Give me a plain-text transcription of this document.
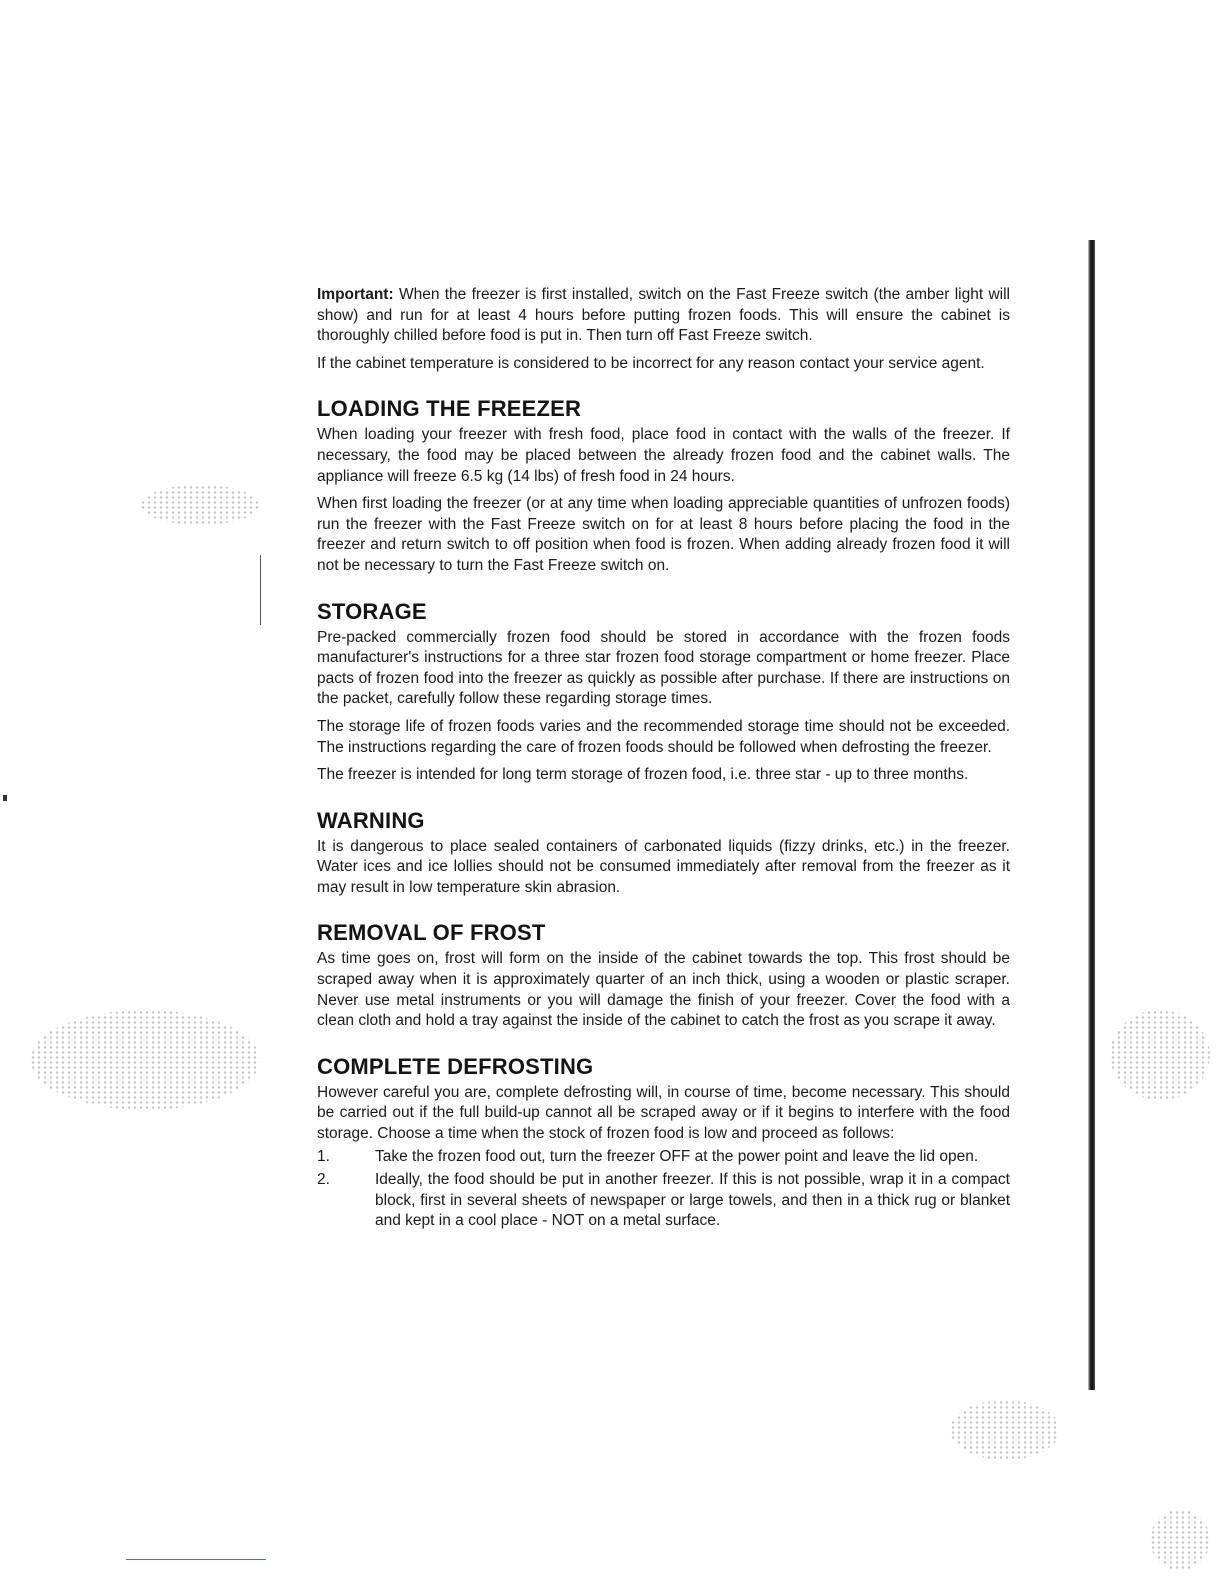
Important: When the freezer is first installed, switch on the Fast Freeze switch (the amber light will show) and run for at least 4 hours before putting frozen foods. This will ensure the cabinet is thoroughly chilled before food is put in. Then turn off Fast Freeze switch.

If the cabinet temperature is considered to be incorrect for any reason contact your service agent.

LOADING THE FREEZER

When loading your freezer with fresh food, place food in contact with the walls of the freezer. If necessary, the food may be placed between the already frozen food and the cabinet walls. The appliance will freeze 6.5 kg (14 lbs) of fresh food in 24 hours.

When first loading the freezer (or at any time when loading appreciable quantities of unfrozen foods) run the freezer with the Fast Freeze switch on for at least 8 hours before placing the food in the freezer and return switch to off position when food is frozen. When adding already frozen food it will not be necessary to turn the Fast Freeze switch on.

STORAGE

Pre-packed commercially frozen food should be stored in accordance with the frozen foods manufacturer's instructions for a three star frozen food storage compartment or home freezer. Place pacts of frozen food into the freezer as quickly as possible after purchase. If there are instructions on the packet, carefully follow these regarding storage times.

The storage life of frozen foods varies and the recommended storage time should not be exceeded. The instructions regarding the care of frozen foods should be followed when defrosting the freezer.

The freezer is intended for long term storage of frozen food, i.e. three star - up to three months.

WARNING

It is dangerous to place sealed containers of carbonated liquids (fizzy drinks, etc.) in the freezer. Water ices and ice lollies should not be consumed immediately after removal from the freezer as it may result in low temperature skin abrasion.

REMOVAL OF FROST

As time goes on, frost will form on the inside of the cabinet towards the top. This frost should be scraped away when it is approximately quarter of an inch thick, using a wooden or plastic scraper. Never use metal instruments or you will damage the finish of your freezer. Cover the food with a clean cloth and hold a tray against the inside of the cabinet to catch the frost as you scrape it away.

COMPLETE DEFROSTING

However careful you are, complete defrosting will, in course of time, become necessary. This should be carried out if the full build-up cannot all be scraped away or if it begins to interfere with the food storage. Choose a time when the stock of frozen food is low and proceed as follows:

1.	Take the frozen food out, turn the freezer OFF at the power point and leave the lid open.
2.	Ideally, the food should be put in another freezer. If this is not possible, wrap it in a compact block, first in several sheets of newspaper or large towels, and then in a thick rug or blanket and kept in a cool place - NOT on a metal surface.
